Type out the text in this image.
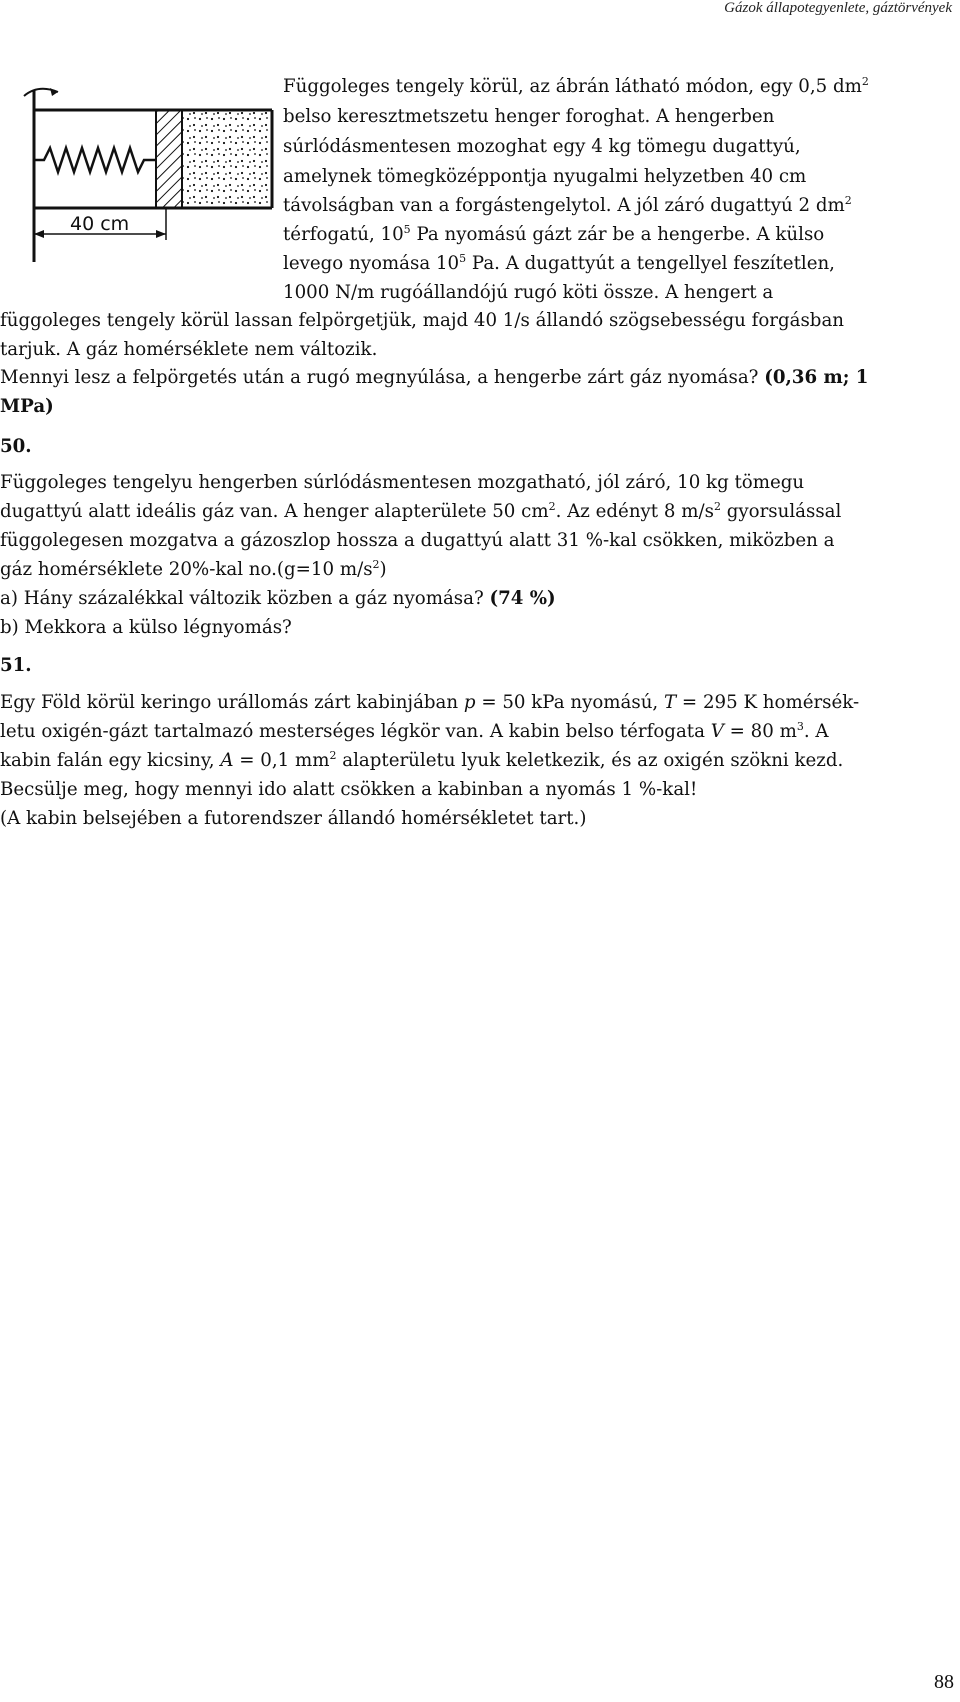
Gázok állapotegyenlete, gáztörvények
40 cm

Függoleges tengely körül, az ábrán látható módon, egy 0,5 $dm^2$

belso keresztmetszetu henger foroghat. A hengerben

súrlódásmentesen mozoghat egy 4 kg tömegu dugattyú,

amelynek tömegközéppontja nyugalmi helyzetben 40 cm

távolságban van a forgástengelytol. A jól záró dugattyú 2 $dm^2$

térfogatú, $10^5$ Pa nyomású gázt zár be a hengerbe. A külso

levego nyomása $10^5$ Pa. A dugattyút a tengellyel feszítetlen,

1000 N/m rugóállandójú rugó köti össze. A hengert a

függoleges tengely körül lassan felpörgetjük, majd 40 1/s állandó szögsebességu forgásban

tarjuk. A gáz homérséklete nem változik.

Mennyi lesz a felpörgetés után a rugó megnyúlása, a hengerbe zárt gáz nyomása? (0,36 m; 1

MPa)

50.

Függoleges tengelyu hengerben súrlódásmentesen mozgatható, jól záró, 10 kg tömegu

dugattyú alatt ideális gáz van. A henger alapterülete 50 $cm^2$. Az edényt 8 $m/s^2$ gyorsulással

függolegesen mozgatva a gázoszlop hossza a dugattyú alatt 31 %-kal csökken, miközben a

gáz homérséklete 20%-kal no.(g=10 $m/s^2$)

a) Hány százalékkal változik közben a gáz nyomása? (74 %)

b) Mekkora a külso légnyomás?

51.

Egy Föld körül keringo urállomás zárt kabinjában p = 50 kPa nyomású, T = 295 K homérsék-

letu oxigén-gázt tartalmazó mesterséges légkör van. A kabin belso térfogata V = 80 $m^3$. A

kabin falán egy kicsiny, A = 0,1 $mm^2$ alapterületu lyuk keletkezik, és az oxigén szökni kezd.

Becsülje meg, hogy mennyi ido alatt csökken a kabinban a nyomás 1 %-kal!

(A kabin belsejében a futorendszer állandó homérsékletet tart.)

88
